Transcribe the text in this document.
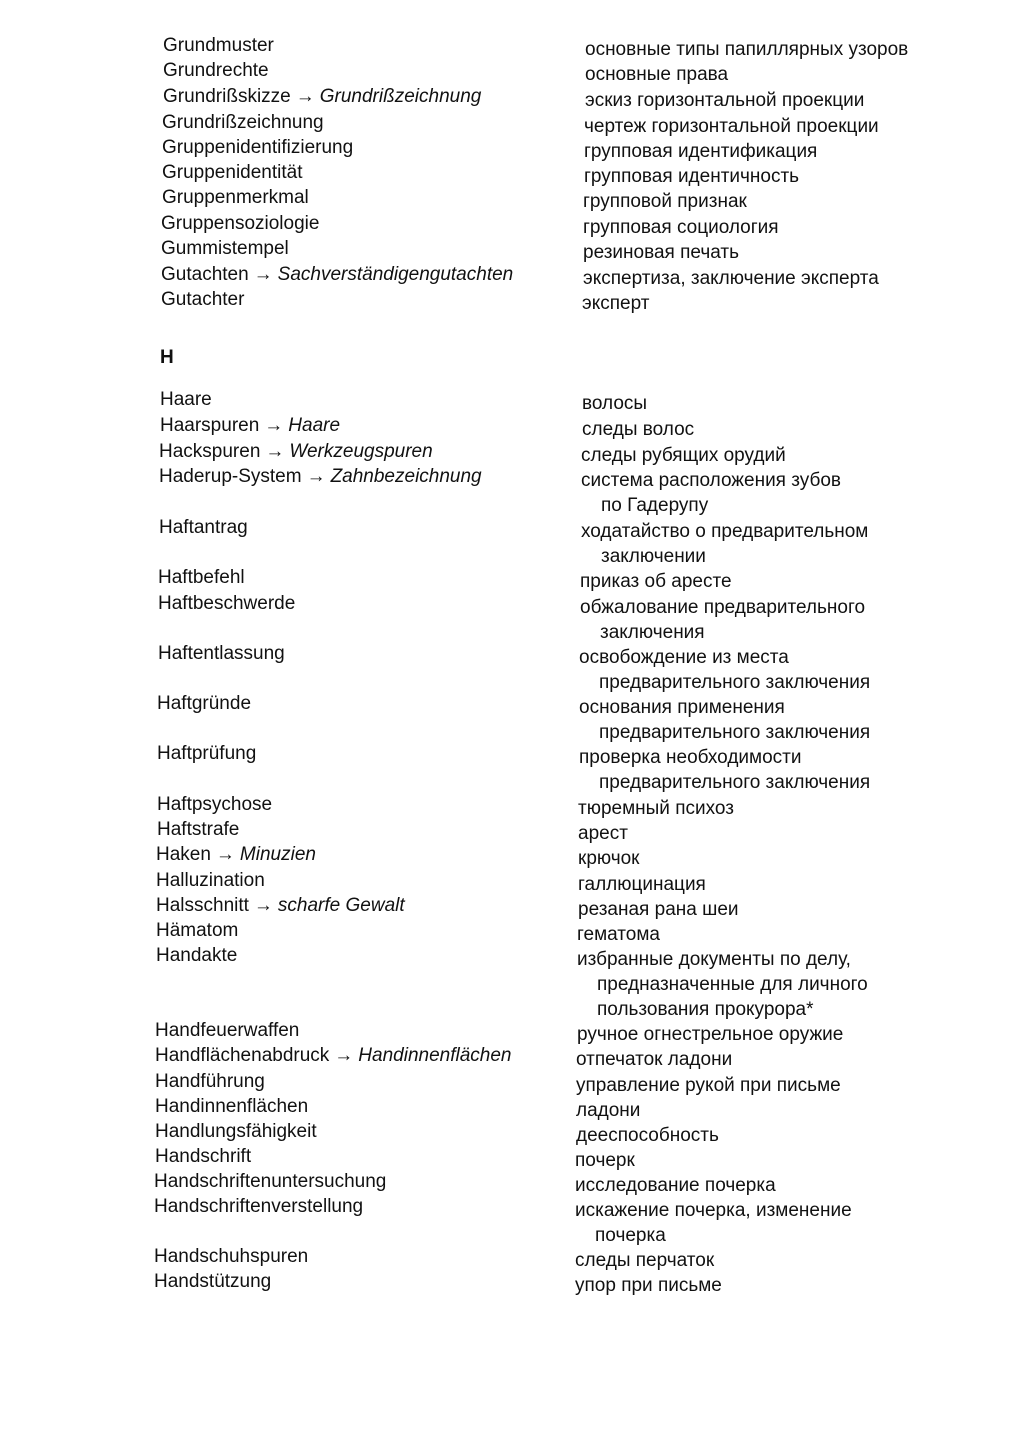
H
Grundmuster	основные типы папиллярных узоров
Grundrechte	основные права
Grundrißskizze → Grundrißzeichnung	эскиз горизонтальной проекции
Grundrißzeichnung	чертеж горизонтальной проекции
Gruppenidentifizierung	групповая идентификация
Gruppenidentität	групповая идентичность
Gruppenmerkmal	групповой признак
Gruppensoziologie	групповая социология
Gummistempel	резиновая печать
Gutachten → Sachverständigengutachten	экспертиза, заключение эксперта
Gutachter	эксперт
Haare	волосы
Haarspuren → Haare	следы волос
Hackspuren → Werkzeugspuren	следы рубящих орудий
Haderup-System → Zahnbezeichnung	система расположения зубов
по Гадерупу
Haftantrag	ходатайство о предварительном
заключении
Haftbefehl	приказ об аресте
Haftbeschwerde	обжалование предварительного
заключения
Haftentlassung	освобождение из места
предварительного заключения
Haftgründe	основания применения
предварительного заключения
Haftprüfung	проверка необходимости
предварительного заключения
Haftpsychose	тюремный психоз
Haftstrafe	арест
Haken → Minuzien	крючок
Halluzination	галлюцинация
Halsschnitt → scharfe Gewalt	резаная рана шеи
Hämatom	гематома
Handakte	избранные документы по делу,
предназначенные для личного
пользования прокурора*
Handfeuerwaffen	ручное огнестрельное оружие
Handflächenabdruck → Handinnenflächen	отпечаток ладони
Handführung	управление рукой при письме
Handinnenflächen	ладони
Handlungsfähigkeit	дееспособность
Handschrift	почерк
Handschriftenuntersuchung	исследование почерка
Handschriftenverstellung	искажение почерка, изменение
почерка
Handschuhspuren	следы перчаток
Handstützung	упор при письме
